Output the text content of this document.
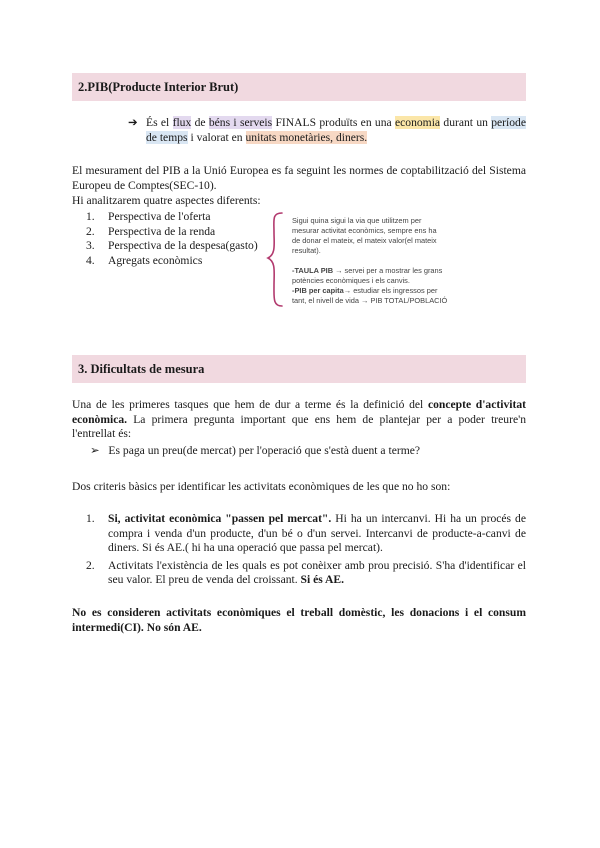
2.PIB(Producte Interior Brut)
➔ És el flux de béns i serveis FINALS produïts en una economia durant un període de temps i valorat en unitats monetàries, diners.
El mesurament del PIB a la Unió Europea es fa seguint les normes de coptabilització del Sistema Europeu de Comptes(SEC-10).
Hi analitzarem quatre aspectes diferents:
1.	Perspectiva de l'oferta
2.	Perspectiva de la renda
3.	Perspectiva de la despesa(gasto)
4.	Agregats econòmics
Sigui quina sigui la via que utilitzem per
mesurar activitat econòmics, sempre ens ha
de donar el mateix, el mateix valor(el mateix
resultat).
-TAULA PIB → servei per a mostrar les grans
potències econòmiques i els canvis.
-PIB per capita→ estudiar els ingressos per
tant, el nivell de vida → PIB TOTAL/POBLACIÓ
3. Dificultats de mesura
Una de les primeres tasques que hem de dur a terme és la definició del concepte d'activitat econòmica. La primera pregunta important que ens hem de plantejar per a poder treure'n l'entrellat és:
➢ Es paga un preu(de mercat) per l'operació que s'està duent a terme?
Dos criteris bàsics per identificar les activitats econòmiques de les que no ho son:
1.	Si, activitat econòmica "passen pel mercat". Hi ha un intercanvi. Hi ha un procés de compra i venda d'un producte, d'un bé o d'un servei. Intercanvi de producte-a-canvi de diners. Si és AE.( hi ha una operació que passa pel mercat).
2.	Activitats l'existència de les quals es pot conèixer amb prou precisió. S'ha d'identificar el seu valor. El preu de venda del croissant. Si és AE.
No es consideren activitats econòmiques el treball domèstic, les donacions i el consum intermedi(CI). No són AE.
